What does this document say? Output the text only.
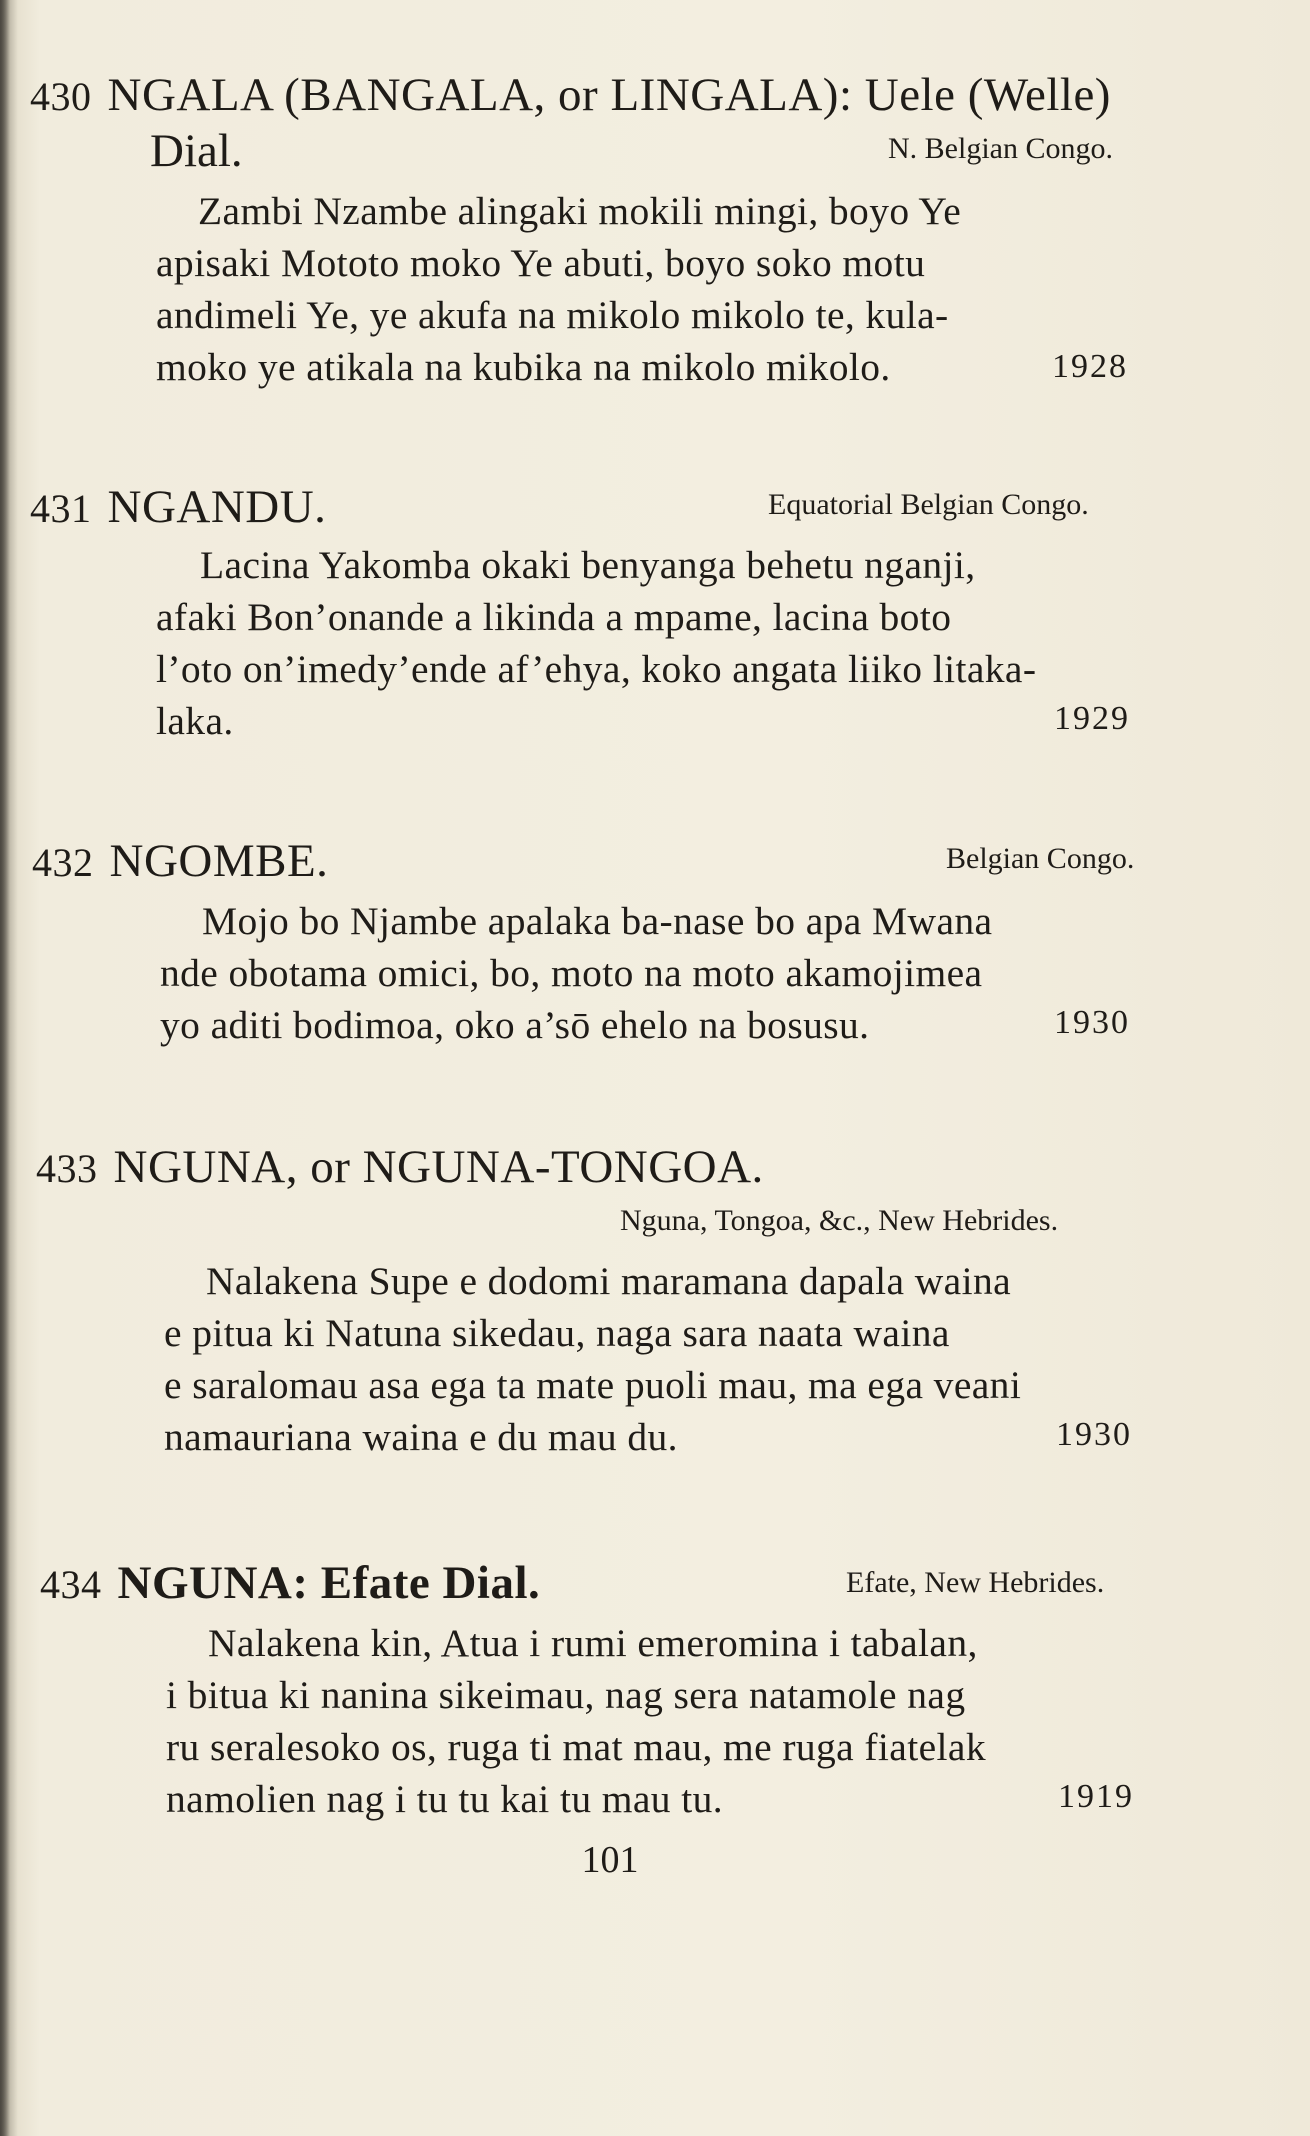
430 NGALA (BANGALA, or LINGALA): Uele (Welle)
Dial.	N. Belgian Congo.
Zambi Nzambe alingaki mokili mingi, boyo Ye
apisaki Mototo moko Ye abuti, boyo soko motu
andimeli Ye, ye akufa na mikolo mikolo te, kula-
moko ye atikala na kubika na mikolo mikolo.	1928
431 NGANDU.	Equatorial Belgian Congo.
Lacina Yakomba okaki benyanga behetu nganji,
afaki Bon’onande a likinda a mpame, lacina boto
l’oto on’imedy’ende af’ehya, koko angata liiko litaka-
laka.	1929
432 NGOMBE.	Belgian Congo.
Mojo bo Njambe apalaka ba-nase bo apa Mwana
nde obotama omici, bo, moto na moto akamojimea
yo aditi bodimoa, oko a’sō ehelo na bosusu.	1930
433 NGUNA, or NGUNA-TONGOA.
Nguna, Tongoa, &c., New Hebrides.
Nalakena Supe e dodomi maramana dapala waina
e pitua ki Natuna sikedau, naga sara naata waina
e saralomau asa ega ta mate puoli mau, ma ega veani
namauriana waina e du mau du.	1930
434 NGUNA: Efate Dial.	Efate, New Hebrides.
Nalakena kin, Atua i rumi emeromina i tabalan,
i bitua ki nanina sikeimau, nag sera natamole nag
ru seralesoko os, ruga ti mat mau, me ruga fiatelak
namolien nag i tu tu kai tu mau tu.	1919
101
